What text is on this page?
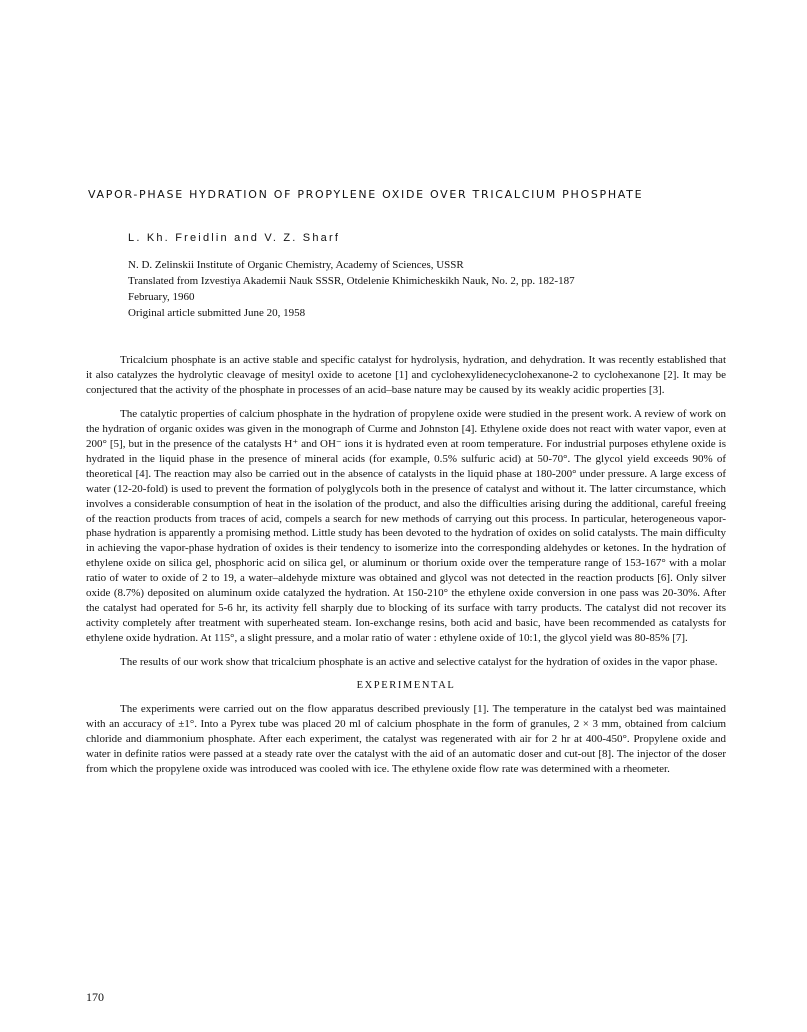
VAPOR-PHASE HYDRATION OF PROPYLENE OXIDE OVER TRICALCIUM PHOSPHATE
L. Kh. Freidlin and V. Z. Sharf
N. D. Zelinskii Institute of Organic Chemistry, Academy of Sciences, USSR
Translated from Izvestiya Akademii Nauk SSSR, Otdelenie Khimicheskikh Nauk, No. 2, pp. 182-187
February, 1960
Original article submitted June 20, 1958

Tricalcium phosphate is an active stable and specific catalyst for hydrolysis, hydration, and dehydration. It was recently established that it also catalyzes the hydrolytic cleavage of mesityl oxide to acetone [1] and cyclohexylidenecyclohexanone-2 to cyclohexanone [2]. It may be conjectured that the activity of the phosphate in processes of an acid–base nature may be caused by its weakly acidic properties [3].

The catalytic properties of calcium phosphate in the hydration of propylene oxide were studied in the present work. A review of work on the hydration of organic oxides was given in the monograph of Curme and Johnston [4]. Ethylene oxide does not react with water vapor, even at 200° [5], but in the presence of the catalysts H⁺ and OH⁻ ions it is hydrated even at room temperature. For industrial purposes ethylene oxide is hydrated in the liquid phase in the presence of mineral acids (for example, 0.5% sulfuric acid) at 50-70°. The glycol yield exceeds 90% of theoretical [4]. The reaction may also be carried out in the absence of catalysts in the liquid phase at 180-200° under pressure. A large excess of water (12-20-fold) is used to prevent the formation of polyglycols both in the presence of catalyst and without it. The latter circumstance, which involves a considerable consumption of heat in the isolation of the product, and also the difficulties arising during the additional, careful freeing of the reaction products from traces of acid, compels a search for new methods of carrying out this process. In particular, heterogeneous vapor-phase hydration is apparently a promising method. Little study has been devoted to the hydration of oxides on solid catalysts. The main difficulty in achieving the vapor-phase hydration of oxides is their tendency to isomerize into the corresponding aldehydes or ketones. In the hydration of ethylene oxide on silica gel, phosphoric acid on silica gel, or aluminum or thorium oxide over the temperature range of 153-167° with a molar ratio of water to oxide of 2 to 19, a water–aldehyde mixture was obtained and glycol was not detected in the reaction products [6]. Only silver oxide (8.7%) deposited on aluminum oxide catalyzed the hydration. At 150-210° the ethylene oxide conversion in one pass was 20-30%. After the catalyst had operated for 5-6 hr, its activity fell sharply due to blocking of its surface with tarry products. The catalyst did not recover its activity completely after treatment with superheated steam. Ion-exchange resins, both acid and basic, have been recommended as catalysts for ethylene oxide hydration. At 115°, a slight pressure, and a molar ratio of water : ethylene oxide of 10:1, the glycol yield was 80-85% [7].

The results of our work show that tricalcium phosphate is an active and selective catalyst for the hydration of oxides in the vapor phase.

EXPERIMENTAL

The experiments were carried out on the flow apparatus described previously [1]. The temperature in the catalyst bed was maintained with an accuracy of ±1°. Into a Pyrex tube was placed 20 ml of calcium phosphate in the form of granules, 2 × 3 mm, obtained from calcium chloride and diammonium phosphate. After each experiment, the catalyst was regenerated with air for 2 hr at 400-450°. Propylene oxide and water in definite ratios were passed at a steady rate over the catalyst with the aid of an automatic doser and cut-out [8]. The injector of the doser from which the propylene oxide was introduced was cooled with ice. The ethylene oxide flow rate was determined with a rheometer.

170
